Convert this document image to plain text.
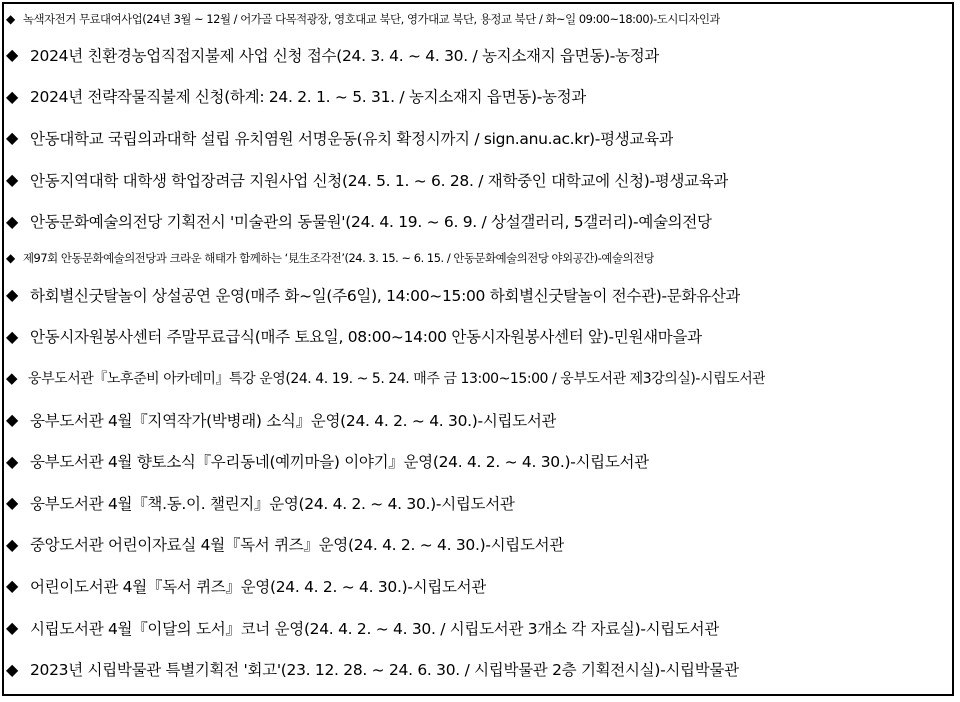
◆ 녹색자전거 무료대여사업(24년 3월 ~ 12월 / 어가골 다목적광장, 영호대교 북단, 영가대교 북단, 용정교 북단 / 화~일 09:00~18:00)-도시디자인과
◆ 2024년 친환경농업직접지불제 사업 신청 접수(24. 3. 4. ~ 4. 30. / 농지소재지 읍면동)-농정과
◆ 2024년 전략작물직불제 신청(하계: 24. 2. 1. ~ 5. 31. / 농지소재지 읍면동)-농정과
◆ 안동대학교 국립의과대학 설립 유치염원 서명운동(유치 확정시까지 / sign.anu.ac.kr)-평생교육과
◆ 안동지역대학 대학생 학업장려금 지원사업 신청(24. 5. 1. ~ 6. 28. / 재학중인 대학교에 신청)-평생교육과
◆ 안동문화예술의전당 기획전시 '미술관의 동물원'(24. 4. 19. ~ 6. 9. / 상설갤러리, 5갤러리)-예술의전당
◆ 제97회 안동문화예술의전당과 크라운 해태가 함께하는 ‘見生조각전’(24. 3. 15. ~ 6. 15. / 안동문화예술의전당 야외공간)-예술의전당
◆ 하회별신굿탈놀이 상설공연 운영(매주 화~일(주6일), 14:00~15:00 하회별신굿탈놀이 전수관)-문화유산과
◆ 안동시자원봉사센터 주말무료급식(매주 토요일, 08:00~14:00 안동시자원봉사센터 앞)-민원새마을과
◆ 웅부도서관『노후준비 아카데미』특강 운영(24. 4. 19. ~ 5. 24. 매주 금 13:00~15:00 / 웅부도서관 제3강의실)-시립도서관
◆ 웅부도서관 4월『지역작가(박병래) 소식』운영(24. 4. 2. ~ 4. 30.)-시립도서관
◆ 웅부도서관 4월 향토소식『우리동네(예끼마을) 이야기』운영(24. 4. 2. ~ 4. 30.)-시립도서관
◆ 웅부도서관 4월『책.동.이. 챌린지』운영(24. 4. 2. ~ 4. 30.)-시립도서관
◆ 중앙도서관 어린이자료실 4월『독서 퀴즈』운영(24. 4. 2. ~ 4. 30.)-시립도서관
◆ 어린이도서관 4월『독서 퀴즈』운영(24. 4. 2. ~ 4. 30.)-시립도서관
◆ 시립도서관 4월『이달의 도서』코너 운영(24. 4. 2. ~ 4. 30. / 시립도서관 3개소 각 자료실)-시립도서관
◆ 2023년 시립박물관 특별기획전 '회고'(23. 12. 28. ~ 24. 6. 30. / 시립박물관 2층 기획전시실)-시립박물관
